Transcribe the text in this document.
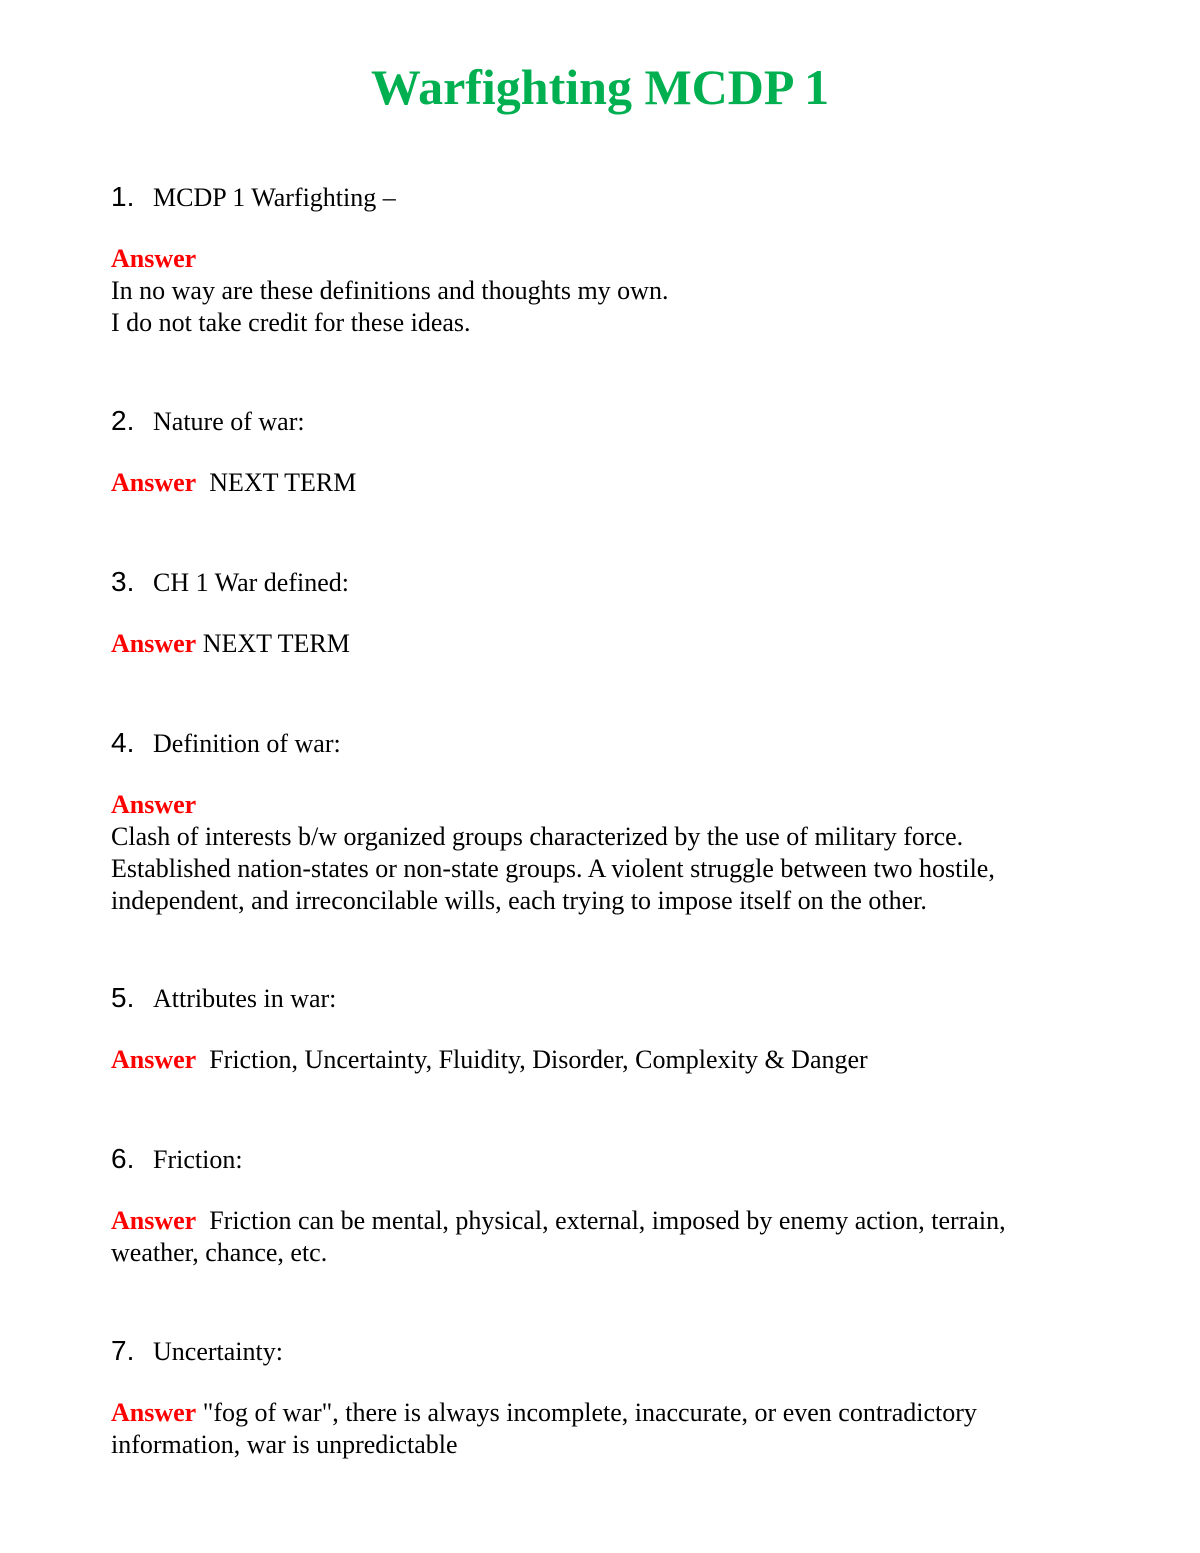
Warfighting MCDP 1

1. MCDP 1 Warfighting –

Answer
In no way are these definitions and thoughts my own.
I do not take credit for these ideas.

2. Nature of war:

Answer  NEXT TERM

3. CH 1 War defined:

Answer NEXT TERM

4. Definition of war:

Answer
Clash of interests b/w organized groups characterized by the use of military force.
Established nation-states or non-state groups. A violent struggle between two hostile,
independent, and irreconcilable wills, each trying to impose itself on the other.

5. Attributes in war:

Answer  Friction, Uncertainty, Fluidity, Disorder, Complexity & Danger

6. Friction:

Answer  Friction can be mental, physical, external, imposed by enemy action, terrain,
weather, chance, etc.

7. Uncertainty:

Answer "fog of war", there is always incomplete, inaccurate, or even contradictory
information, war is unpredictable
